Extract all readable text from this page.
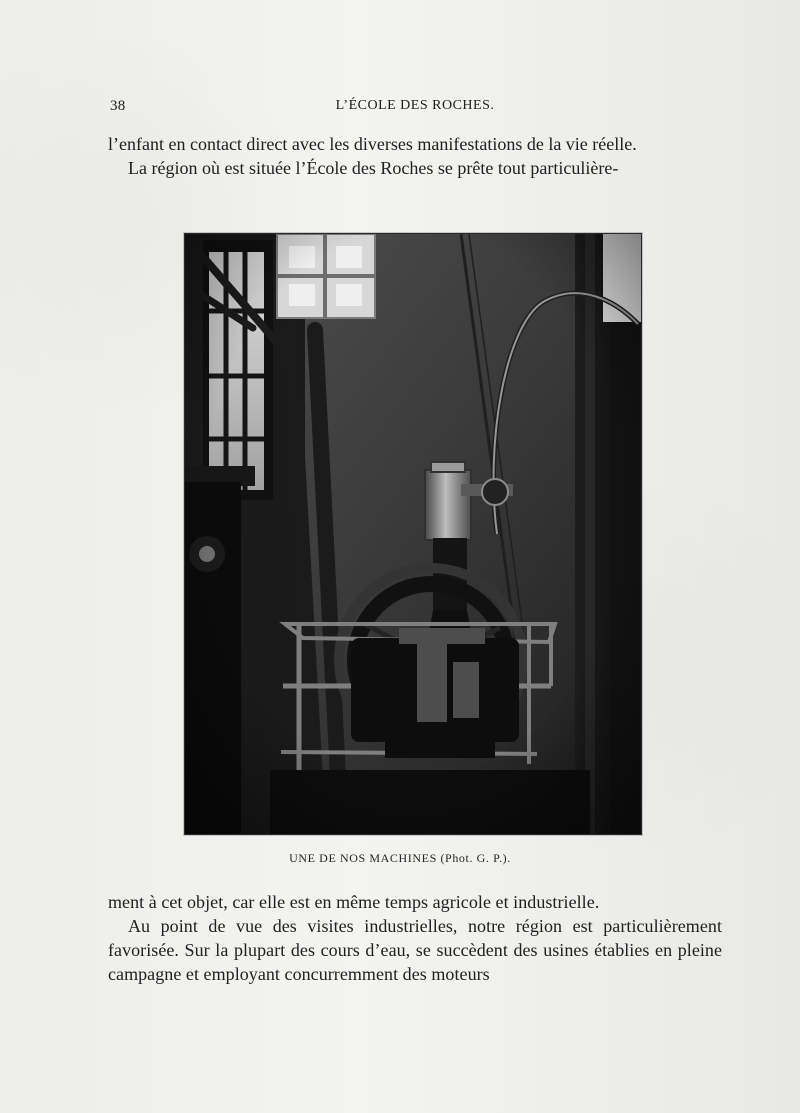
38	L’ÉCOLE DES ROCHES.

l’enfant en contact direct avec les diverses manifestations de la vie réelle.

La région où est située l’École des Roches se prête tout particulière-

UNE DE NOS MACHINES (Phot. G. P.).

ment à cet objet, car elle est en même temps agricole et industrielle.

Au point de vue des visites industrielles, notre région est particulièrement favorisée. Sur la plupart des cours d’eau, se succèdent des usines établies en pleine campagne et employant concurremment des moteurs
